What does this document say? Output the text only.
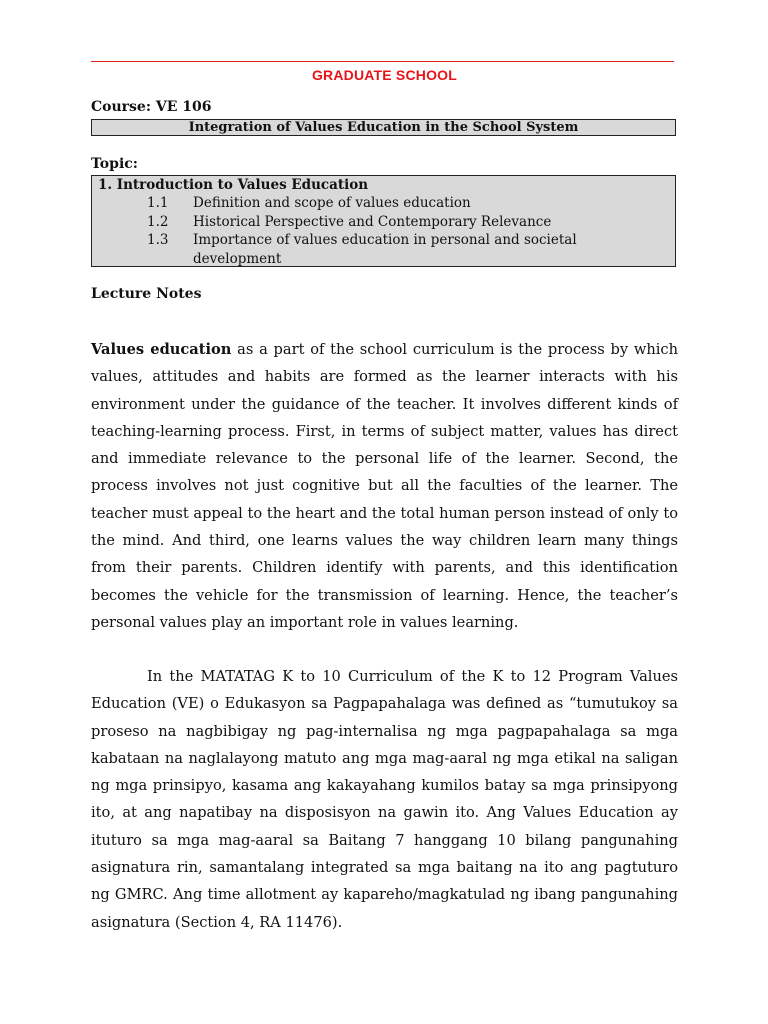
GRADUATE SCHOOL
Course: VE 106
Integration of Values Education in the School System
Topic:
1. Introduction to Values Education
1.1	Definition and scope of values education
1.2	Historical Perspective and Contemporary Relevance
1.3	Importance of values education in personal and societal development
Lecture Notes
Values education as a part of the school curriculum is the process by which values, attitudes and habits are formed as the learner interacts with his environment under the guidance of the teacher. It involves different kinds of teaching-learning process. First, in terms of subject matter, values has direct and immediate relevance to the personal life of the learner. Second, the process involves not just cognitive but all the faculties of the learner. The teacher must appeal to the heart and the total human person instead of only to the mind. And third, one learns values the way children learn many things from their parents. Children identify with parents, and this identification becomes the vehicle for the transmission of learning. Hence, the teacher’s personal values play an important role in values learning.
In the MATATAG K to 10 Curriculum of the K to 12 Program Values Education (VE) o Edukasyon sa Pagpapahalaga was defined as “tumutukoy sa proseso na nagbibigay ng pag-internalisa ng mga pagpapahalaga sa mga kabataan na naglalayong matuto ang mga mag-aaral ng mga etikal na saligan ng mga prinsipyo, kasama ang kakayahang kumilos batay sa mga prinsipyong ito, at ang napatibay na disposisyon na gawin ito. Ang Values Education ay ituturo sa mga mag-aaral sa Baitang 7 hanggang 10 bilang pangunahing asignatura rin, samantalang integrated sa mga baitang na ito ang pagtuturo ng GMRC. Ang time allotment ay kapareho/magkatulad ng ibang pangunahing asignatura (Section 4, RA 11476).
